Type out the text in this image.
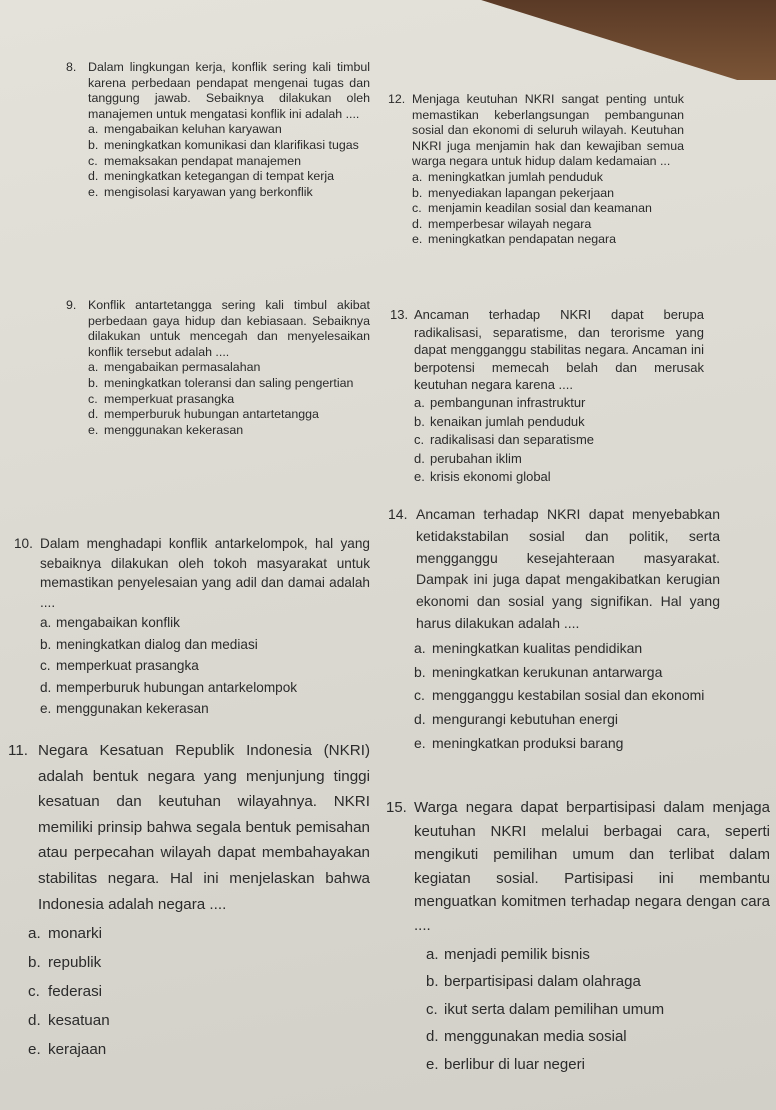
8. Dalam lingkungan kerja, konflik sering kali timbul karena perbedaan pendapat mengenai tugas dan tanggung jawab. Sebaiknya dilakukan oleh manajemen untuk mengatasi konflik ini adalah ....

a. mengabaikan keluhan karyawan

b. meningkatkan komunikasi dan klarifikasi tugas

c. memaksakan pendapat manajemen

d. meningkatkan ketegangan di tempat kerja

e. mengisolasi karyawan yang berkonflik

9. Konflik antartetangga sering kali timbul akibat perbedaan gaya hidup dan kebiasaan. Sebaiknya dilakukan untuk mencegah dan menyelesaikan konflik tersebut adalah ....

a. mengabaikan permasalahan

b. meningkatkan toleransi dan saling pengertian

c. memperkuat prasangka

d. memperburuk hubungan antartetangga

e. menggunakan kekerasan

10. Dalam menghadapi konflik antarkelompok, hal yang sebaiknya dilakukan oleh tokoh masyarakat untuk memastikan penyelesaian yang adil dan damai adalah ....

a. mengabaikan konflik

b. meningkatkan dialog dan mediasi

c. memperkuat prasangka

d. memperburuk hubungan antarkelompok

e. menggunakan kekerasan

11. Negara Kesatuan Republik Indonesia (NKRI) adalah bentuk negara yang menjunjung tinggi kesatuan dan keutuhan wilayahnya. NKRI memiliki prinsip bahwa segala bentuk pemisahan atau perpecahan wilayah dapat membahayakan stabilitas negara. Hal ini menjelaskan bahwa Indonesia adalah negara ....

a. monarki

b. republik

c. federasi

d. kesatuan

e. kerajaan

12. Menjaga keutuhan NKRI sangat penting untuk memastikan keberlangsungan pembangunan sosial dan ekonomi di seluruh wilayah. Keutuhan NKRI juga menjamin hak dan kewajiban semua warga negara untuk hidup dalam kedamaian ...

a. meningkatkan jumlah penduduk

b. menyediakan lapangan pekerjaan

c. menjamin keadilan sosial dan keamanan

d. memperbesar wilayah negara

e. meningkatkan pendapatan negara

13. Ancaman terhadap NKRI dapat berupa radikalisasi, separatisme, dan terorisme yang dapat mengganggu stabilitas negara. Ancaman ini berpotensi memecah belah dan merusak keutuhan negara karena ....

a. pembangunan infrastruktur

b. kenaikan jumlah penduduk

c. radikalisasi dan separatisme

d. perubahan iklim

e. krisis ekonomi global

14. Ancaman terhadap NKRI dapat menyebabkan ketidakstabilan sosial dan politik, serta mengganggu kesejahteraan masyarakat. Dampak ini juga dapat mengakibatkan kerugian ekonomi dan sosial yang signifikan. Hal yang harus dilakukan adalah ....

a. meningkatkan kualitas pendidikan

b. meningkatkan kerukunan antarwarga

c. mengganggu kestabilan sosial dan ekonomi

d. mengurangi kebutuhan energi

e. meningkatkan produksi barang

15. Warga negara dapat berpartisipasi dalam menjaga keutuhan NKRI melalui berbagai cara, seperti mengikuti pemilihan umum dan terlibat dalam kegiatan sosial. Partisipasi ini membantu menguatkan komitmen terhadap negara dengan cara ....

a. menjadi pemilik bisnis

b. berpartisipasi dalam olahraga

c. ikut serta dalam pemilihan umum

d. menggunakan media sosial

e. berlibur di luar negeri
